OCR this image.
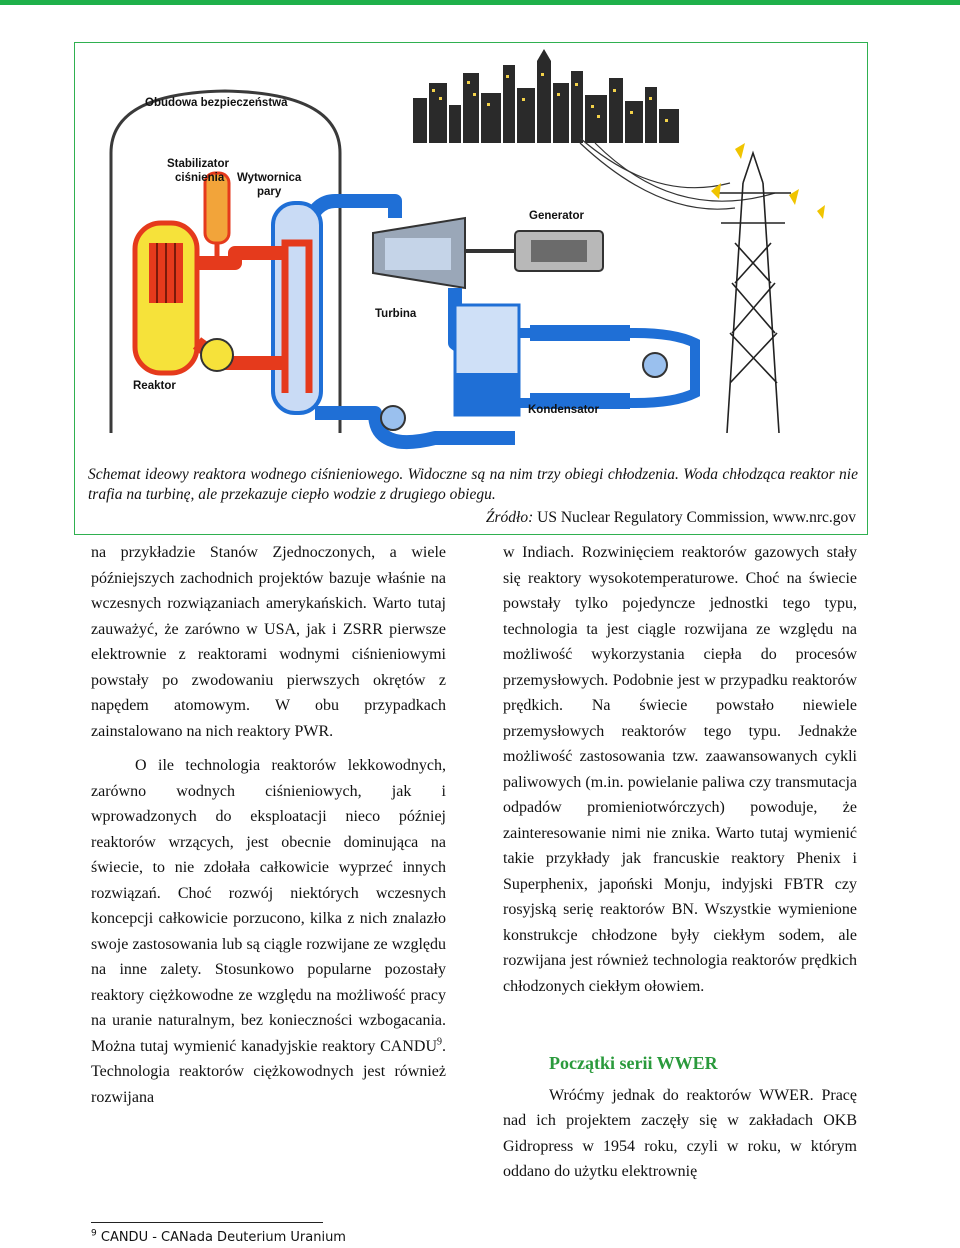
Obudowa bezpieczeństwa
Stabilizator
ciśnienia Wytwornica
pary
Generator
Turbina
Reaktor
Kondensator
Schemat ideowy reaktora wodnego ciśnieniowego. Widoczne są na nim trzy obiegi chłodzenia. Woda chłodząca reaktor nie trafia na turbinę, ale przekazuje ciepło wodzie z drugiego obiegu.
Źródło: US Nuclear Regulatory Commission, www.nrc.gov

na przykładzie Stanów Zjednoczonych, a wiele późniejszych zachodnich projektów bazuje właśnie na wczesnych rozwiązaniach amerykańskich. Warto tutaj zauważyć, że zarówno w USA, jak i ZSRR pierwsze elektrownie z reaktorami wodnymi ciśnieniowymi powstały po zwodowaniu pierwszych okrętów z napędem atomowym. W obu przypadkach zainstalowano na nich reaktory PWR.

O ile technologia reaktorów lekkowodnych, zarówno wodnych ciśnieniowych, jak i wprowadzonych do eksploatacji nieco później reaktorów wrzących, jest obecnie dominująca na świecie, to nie zdołała całkowicie wyprzeć innych rozwiązań. Choć rozwój niektórych wczesnych koncepcji całkowicie porzucono, kilka z nich znalazło swoje zastosowania lub są ciągle rozwijane ze względu na inne zalety. Stosunkowo popularne pozostały reaktory ciężkowodne ze względu na możliwość pracy na uranie naturalnym, bez konieczności wzbogacania. Można tutaj wymienić kanadyjskie reaktory CANDU$^9$. Technologia reaktorów ciężkowodnych jest również rozwijana

w Indiach. Rozwinięciem reaktorów gazowych stały się reaktory wysokotemperaturowe. Choć na świecie powstały tylko pojedyncze jednostki tego typu, technologia ta jest ciągle rozwijana ze względu na możliwość wykorzystania ciepła do procesów przemysłowych. Podobnie jest w przypadku reaktorów prędkich. Na świecie powstało niewiele przemysłowych reaktorów tego typu. Jednakże możliwość zastosowania tzw. zaawansowanych cykli paliwowych (m.in. powielanie paliwa czy transmutacja odpadów promieniotwórczych) powoduje, że zainteresowanie nimi nie znika. Warto tutaj wymienić takie przykłady jak francuskie reaktory Phenix i Superphenix, japoński Monju, indyjski FBTR czy rosyjską serię reaktorów BN. Wszystkie wymienione konstrukcje chłodzone były ciekłym sodem, ale rozwijana jest również technologia reaktorów prędkich chłodzonych ciekłym ołowiem.

Początki serii WWER

Wróćmy jednak do reaktorów WWER. Pracę nad ich projektem zaczęły się w zakładach OKB Gidropress w 1954 roku, czyli w roku, w którym oddano do użytku elektrownię

$^9$ CANDU - CANada Deuterium Uranium
